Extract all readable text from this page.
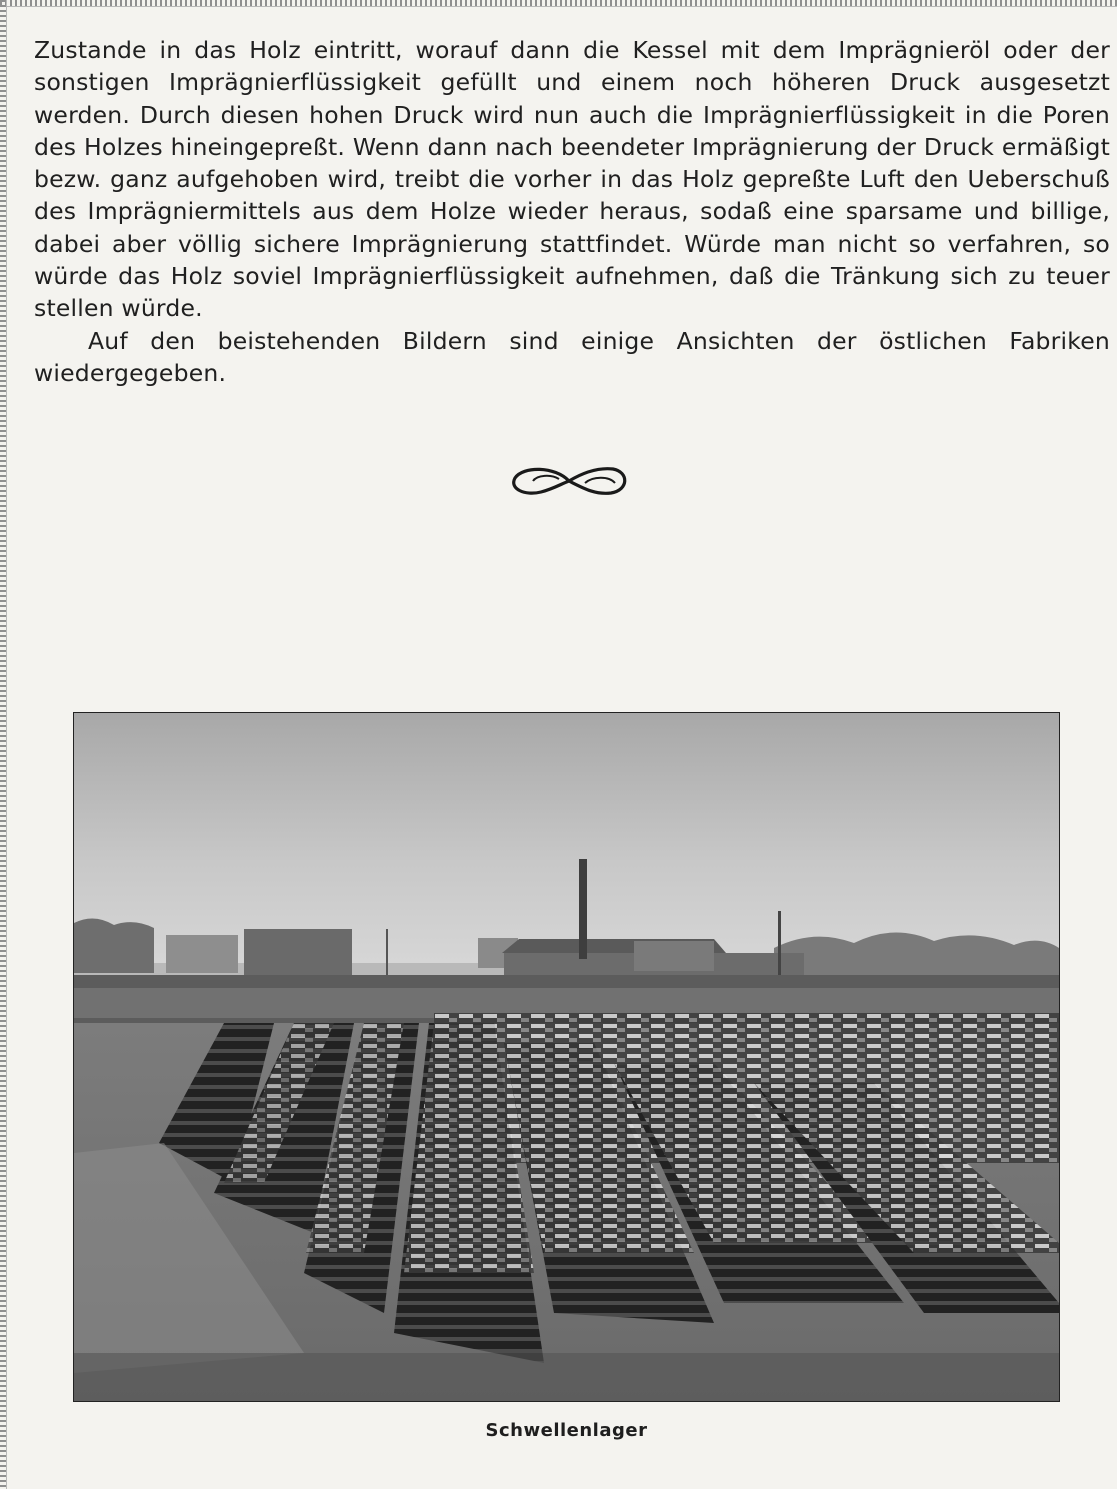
Zustande in das Holz eintritt, worauf dann die Kessel mit dem Imprägnieröl oder der sonstigen Imprägnierflüssigkeit gefüllt und einem noch höheren Druck ausgesetzt werden. Durch diesen hohen Druck wird nun auch die Imprägnierflüssigkeit in die Poren des Holzes hineingepreßt. Wenn dann nach beendeter Imprägnierung der Druck ermäßigt bezw. ganz aufgehoben wird, treibt die vorher in das Holz gepreßte Luft den Ueberschuß des Imprägniermittels aus dem Holze wieder heraus, sodaß eine sparsame und billige, dabei aber völlig sichere Imprägnierung stattfindet. Würde man nicht so verfahren, so würde das Holz soviel Imprägnierflüssigkeit aufnehmen, daß die Tränkung sich zu teuer stellen würde.

Auf den beistehenden Bildern sind einige Ansichten der östlichen Fabriken wiedergegeben.

Schwellenlager
